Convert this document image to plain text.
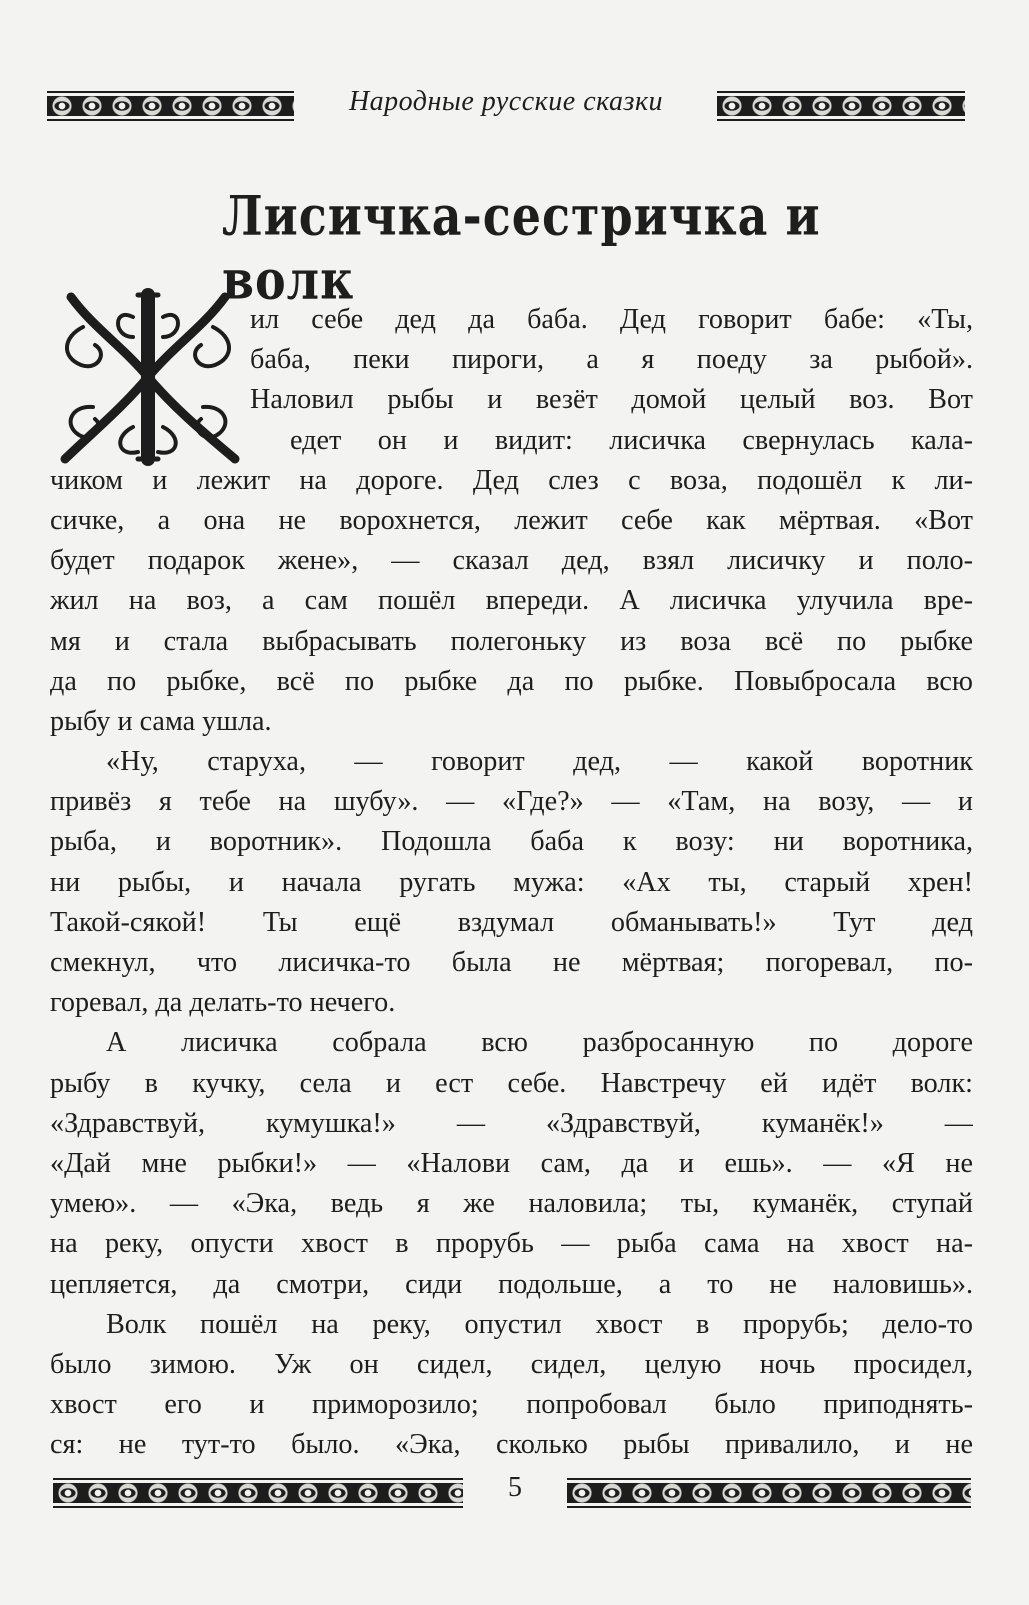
Народные русские сказки
Лисичка-сестричка и волк
ил себе дед да баба. Дед говорит бабе: «Ты,
баба, пеки пироги, а я поеду за рыбой».
Наловил рыбы и везёт домой целый воз. Вот
едет он и видит: лисичка свернулась кала-
чиком и лежит на дороге. Дед слез с воза, подошёл к ли-
сичке, а она не ворохнется, лежит себе как мёртвая. «Вот
будет подарок жене», — сказал дед, взял лисичку и поло-
жил на воз, а сам пошёл впереди. А лисичка улучила вре-
мя и стала выбрасывать полегоньку из воза всё по рыбке
да по рыбке, всё по рыбке да по рыбке. Повыбросала всю
рыбу и сама ушла.
«Ну, старуха, — говорит дед, — какой воротник
привёз я тебе на шубу». — «Где?» — «Там, на возу, — и
рыба, и воротник». Подошла баба к возу: ни воротника,
ни рыбы, и начала ругать мужа: «Ах ты, старый хрен!
Такой-сякой! Ты ещё вздумал обманывать!» Тут дед
смекнул, что лисичка-то была не мёртвая; погоревал, по-
горевал, да делать-то нечего.
А лисичка собрала всю разбросанную по дороге
рыбу в кучку, села и ест себе. Навстречу ей идёт волк:
«Здравствуй, кумушка!» — «Здравствуй, куманёк!» —
«Дай мне рыбки!» — «Налови сам, да и ешь». — «Я не
умею». — «Эка, ведь я же наловила; ты, куманёк, ступай
на реку, опусти хвост в прорубь — рыба сама на хвост на-
цепляется, да смотри, сиди подольше, а то не наловишь».
Волк пошёл на реку, опустил хвост в прорубь; дело-то
было зимою. Уж он сидел, сидел, целую ночь просидел,
хвост его и приморозило; попробовал было приподнять-
ся: не тут-то было. «Эка, сколько рыбы привалило, и не
5
